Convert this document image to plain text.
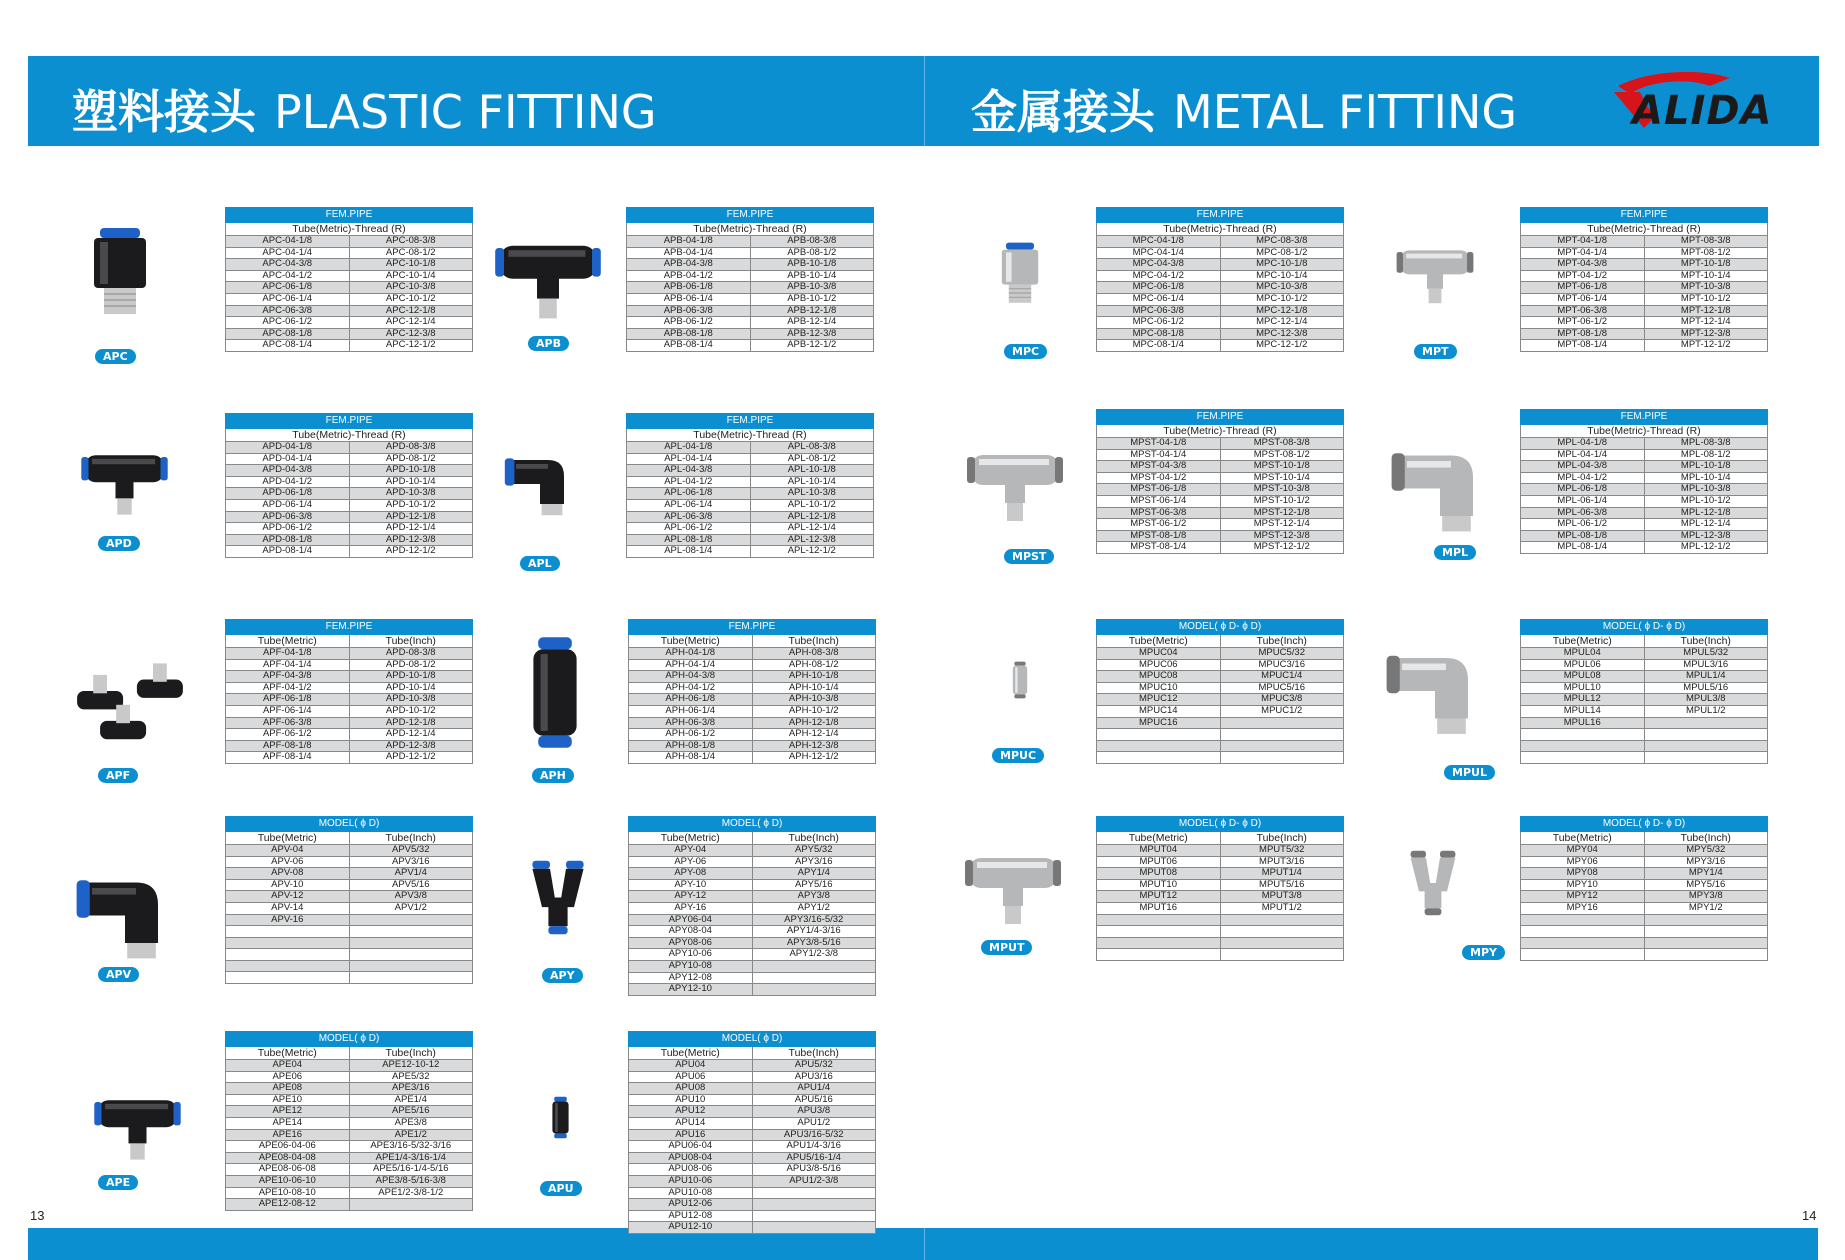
塑料接头 PLASTIC FITTING	金属接头 METAL FITTING	ALIDA
13	14
APC
FEM.PIPE	
Tube(Metric)-Thread (R)	
APC-04-1/8	APC-08-3/8
APC-04-1/4	APC-08-1/2
APC-04-3/8	APC-10-1/8
APC-04-1/2	APC-10-1/4
APC-06-1/8	APC-10-3/8
APC-06-1/4	APC-10-1/2
APC-06-3/8	APC-12-1/8
APC-06-1/2	APC-12-1/4
APC-08-1/8	APC-12-3/8
APC-08-1/4	APC-12-1/2	APB
FEM.PIPE	
Tube(Metric)-Thread (R)	
APB-04-1/8	APB-08-3/8
APB-04-1/4	APB-08-1/2
APB-04-3/8	APB-10-1/8
APB-04-1/2	APB-10-1/4
APB-06-1/8	APB-10-3/8
APB-06-1/4	APB-10-1/2
APB-06-3/8	APB-12-1/8
APB-06-1/2	APB-12-1/4
APB-08-1/8	APB-12-3/8
APB-08-1/4	APB-12-1/2
MPC
FEM.PIPE	
Tube(Metric)-Thread (R)	
MPC-04-1/8	MPC-08-3/8
MPC-04-1/4	MPC-08-1/2
MPC-04-3/8	MPC-10-1/8
MPC-04-1/2	MPC-10-1/4
MPC-06-1/8	MPC-10-3/8
MPC-06-1/4	MPC-10-1/2
MPC-06-3/8	MPC-12-1/8
MPC-06-1/2	MPC-12-1/4
MPC-08-1/8	MPC-12-3/8
MPC-08-1/4	MPC-12-1/2
MPT
FEM.PIPE	
Tube(Metric)-Thread (R)	
MPT-04-1/8	MPT-08-3/8
MPT-04-1/4	MPT-08-1/2
MPT-04-3/8	MPT-10-1/8
MPT-04-1/2	MPT-10-1/4
MPT-06-1/8	MPT-10-3/8
MPT-06-1/4	MPT-10-1/2
MPT-06-3/8	MPT-12-1/8
MPT-06-1/2	MPT-12-1/4
MPT-08-1/8	MPT-12-3/8
MPT-08-1/4	MPT-12-1/2
APD
FEM.PIPE	
Tube(Metric)-Thread (R)	
APD-04-1/8	APD-08-3/8
APD-04-1/4	APD-08-1/2
APD-04-3/8	APD-10-1/8
APD-04-1/2	APD-10-1/4
APD-06-1/8	APD-10-3/8
APD-06-1/4	APD-10-1/2
APD-06-3/8	APD-12-1/8
APD-06-1/2	APD-12-1/4
APD-08-1/8	APD-12-3/8
APD-08-1/4	APD-12-1/2
APL
FEM.PIPE	
Tube(Metric)-Thread (R)	
APL-04-1/8	APL-08-3/8
APL-04-1/4	APL-08-1/2
APL-04-3/8	APL-10-1/8
APL-04-1/2	APL-10-1/4
APL-06-1/8	APL-10-3/8
APL-06-1/4	APL-10-1/2
APL-06-3/8	APL-12-1/8
APL-06-1/2	APL-12-1/4
APL-08-1/8	APL-12-3/8
APL-08-1/4	APL-12-1/2	MPST
FEM.PIPE	
Tube(Metric)-Thread (R)	
MPST-04-1/8	MPST-08-3/8
MPST-04-1/4	MPST-08-1/2
MPST-04-3/8	MPST-10-1/8
MPST-04-1/2	MPST-10-1/4
MPST-06-1/8	MPST-10-3/8
MPST-06-1/4	MPST-10-1/2
MPST-06-3/8	MPST-12-1/8
MPST-06-1/2	MPST-12-1/4
MPST-08-1/8	MPST-12-3/8
MPST-08-1/4	MPST-12-1/2	MPL
FEM.PIPE	
Tube(Metric)-Thread (R)	
MPL-04-1/8	MPL-08-3/8
MPL-04-1/4	MPL-08-1/2
MPL-04-3/8	MPL-10-1/8
MPL-04-1/2	MPL-10-1/4
MPL-06-1/8	MPL-10-3/8
MPL-06-1/4	MPL-10-1/2
MPL-06-3/8	MPL-12-1/8
MPL-06-1/2	MPL-12-1/4
MPL-08-1/8	MPL-12-3/8
MPL-08-1/4	MPL-12-1/2
APF
FEM.PIPE	
Tube(Metric)	Tube(Inch)
APF-04-1/8	APD-08-3/8
APF-04-1/4	APD-08-1/2
APF-04-3/8	APD-10-1/8
APF-04-1/2	APD-10-1/4
APF-06-1/8	APD-10-3/8
APF-06-1/4	APD-10-1/2
APF-06-3/8	APD-12-1/8
APF-06-1/2	APD-12-1/4
APF-08-1/8	APD-12-3/8
APF-08-1/4	APD-12-1/2
APH
FEM.PIPE	
Tube(Metric)	Tube(Inch)
APH-04-1/8	APH-08-3/8
APH-04-1/4	APH-08-1/2
APH-04-3/8	APH-10-1/8
APH-04-1/2	APH-10-1/4
APH-06-1/8	APH-10-3/8
APH-06-1/4	APH-10-1/2
APH-06-3/8	APH-12-1/8
APH-06-1/2	APH-12-1/4
APH-08-1/8	APH-12-3/8
APH-08-1/4	APH-12-1/2	MPUC
MODEL( ϕ D- ϕ D)	
Tube(Metric)	Tube(Inch)
MPUC04	MPUC5/32
MPUC06	MPUC3/16
MPUC08	MPUC1/4
MPUC10	MPUC5/16
MPUC12	MPUC3/8
MPUC14	MPUC1/2
MPUC16	

MPUL
MODEL( ϕ D- ϕ D)	
Tube(Metric)	Tube(Inch)
MPUL04	MPUL5/32
MPUL06	MPUL3/16
MPUL08	MPUL1/4
MPUL10	MPUL5/16
MPUL12	MPUL3/8
MPUL14	MPUL1/2
MPUL16	

APV
MODEL( ϕ D)	
Tube(Metric)	Tube(Inch)
APV-04	APV5/32
APV-06	APV3/16
APV-08	APV1/4
APV-10	APV5/16
APV-12	APV3/8
APV-14	APV1/2
APV-16	

APY
MODEL( ϕ D)	
Tube(Metric)	Tube(Inch)
APY-04	APY5/32
APY-06	APY3/16
APY-08	APY1/4
APY-10	APY5/16
APY-12	APY3/8
APY-16	APY1/2
APY06-04	APY3/16-5/32
APY08-04	APY1/4-3/16
APY08-06	APY3/8-5/16
APY10-06	APY1/2-3/8
APY10-08	
APY12-08	
APY12-10	
MPUT
MODEL( ϕ D- ϕ D)	
Tube(Metric)	Tube(Inch)
MPUT04	MPUT5/32
MPUT06	MPUT3/16
MPUT08	MPUT1/4
MPUT10	MPUT5/16
MPUT12	MPUT3/8
MPUT16	MPUT1/2

MPY
MODEL( ϕ D- ϕ D)	
Tube(Metric)	Tube(Inch)
MPY04	MPY5/32
MPY06	MPY3/16
MPY08	MPY1/4
MPY10	MPY5/16
MPY12	MPY3/8
MPY16	MPY1/2

APE
MODEL( ϕ D)	
Tube(Metric)	Tube(Inch)
APE04	APE12-10-12
APE06	APE5/32
APE08	APE3/16
APE10	APE1/4
APE12	APE5/16
APE14	APE3/8
APE16	APE1/2
APE06-04-06	APE3/16-5/32-3/16
APE08-04-08	APE1/4-3/16-1/4
APE08-06-08	APE5/16-1/4-5/16
APE10-06-10	APE3/8-5/16-3/8
APE10-08-10	APE1/2-3/8-1/2
APE12-08-12	
APU
MODEL( ϕ D)	
Tube(Metric)	Tube(Inch)
APU04	APU5/32
APU06	APU3/16
APU08	APU1/4
APU10	APU5/16
APU12	APU3/8
APU14	APU1/2
APU16	APU3/16-5/32
APU06-04	APU1/4-3/16
APU08-04	APU5/16-1/4
APU08-06	APU3/8-5/16
APU10-06	APU1/2-3/8
APU10-08	
APU12-06	
APU12-08	
APU12-10	
